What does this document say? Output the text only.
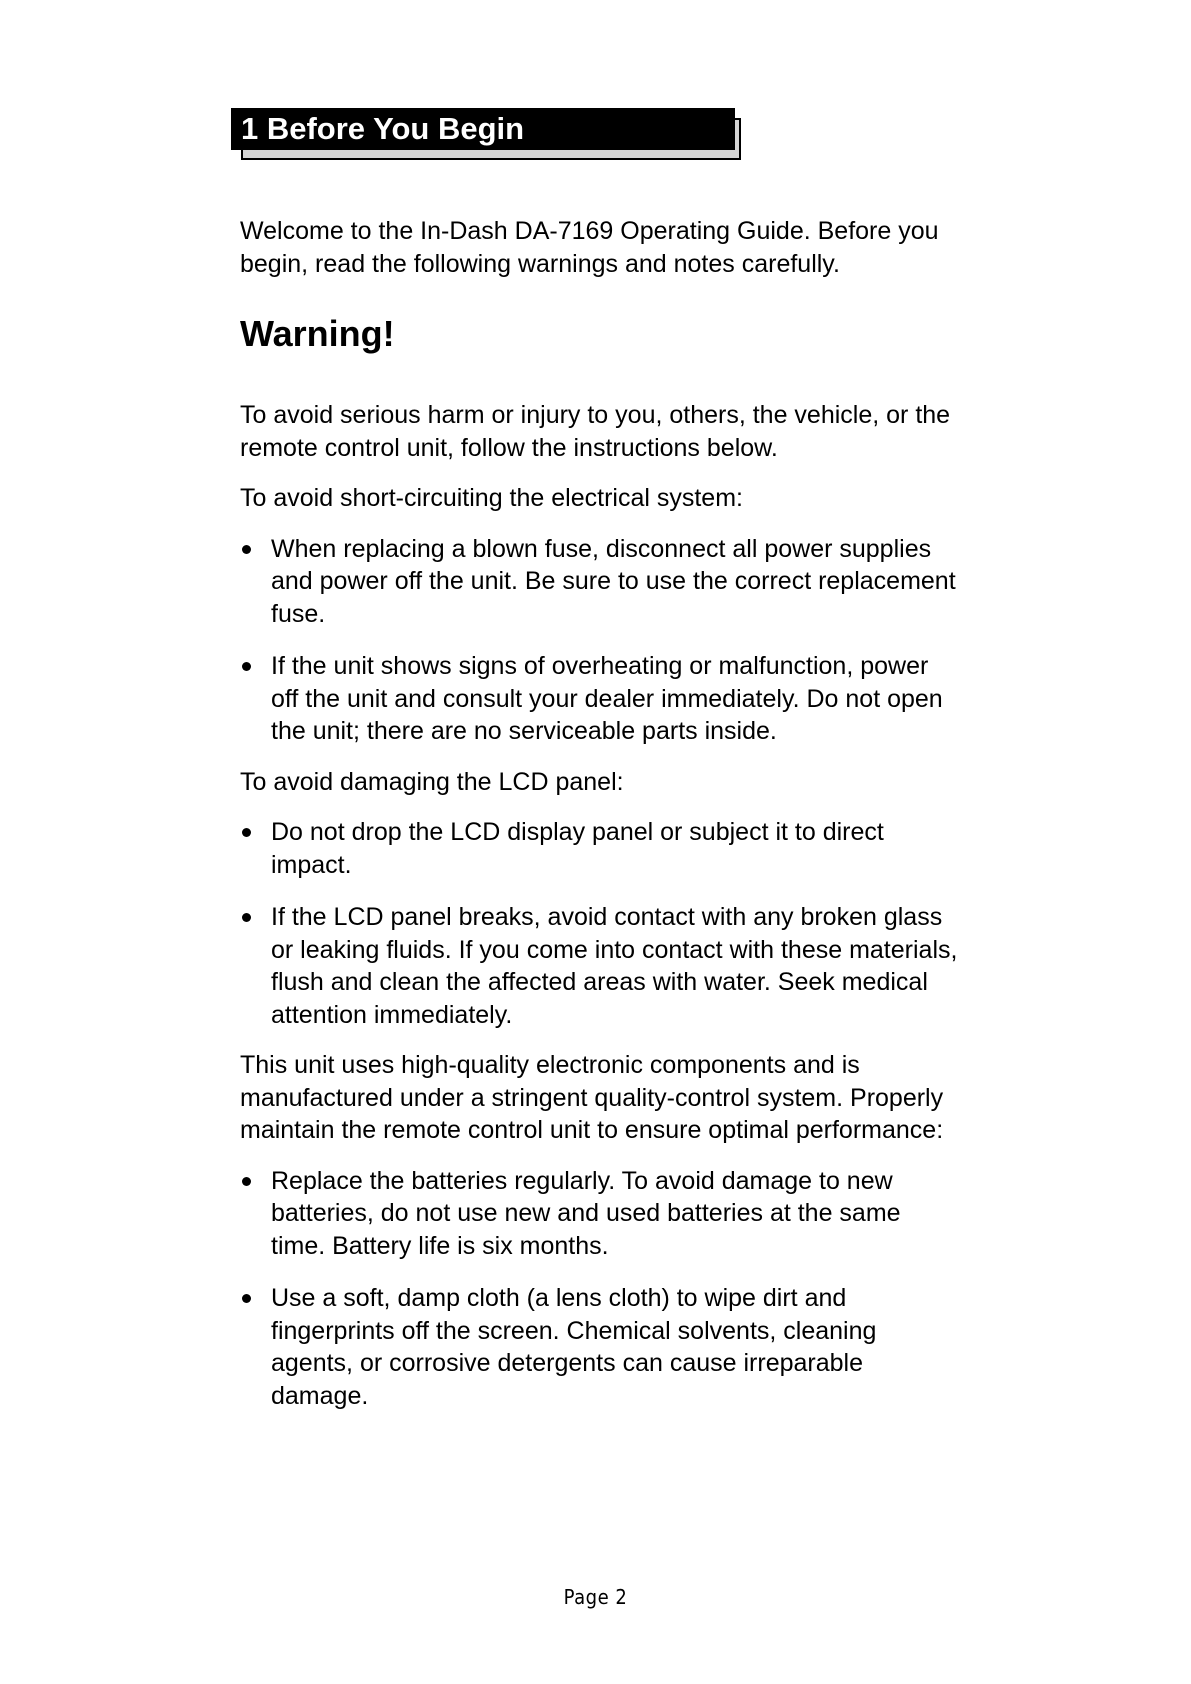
1 Before You Begin

Welcome to the In-Dash DA-7169 Operating Guide. Before you begin, read the following warnings and notes carefully.

Warning!

To avoid serious harm or injury to you, others, the vehicle, or the remote control unit, follow the instructions below.

To avoid short-circuiting the electrical system:

When replacing a blown fuse, disconnect all power supplies and power off the unit. Be sure to use the correct replacement fuse.
If the unit shows signs of overheating or malfunction, power off the unit and consult your dealer immediately. Do not open the unit; there are no serviceable parts inside.

To avoid damaging the LCD panel:

Do not drop the LCD display panel or subject it to direct impact.
If the LCD panel breaks, avoid contact with any broken glass or leaking fluids. If you come into contact with these materials, flush and clean the affected areas with water. Seek medical attention immediately.

This unit uses high-quality electronic components and is manufactured under a stringent quality-control system. Properly maintain the remote control unit to ensure optimal performance:

Replace the batteries regularly. To avoid damage to new batteries, do not use new and used batteries at the same time. Battery life is six months.
Use a soft, damp cloth (a lens cloth) to wipe dirt and fingerprints off the screen. Chemical solvents, cleaning agents, or corrosive detergents can cause irreparable damage.
Page 2
